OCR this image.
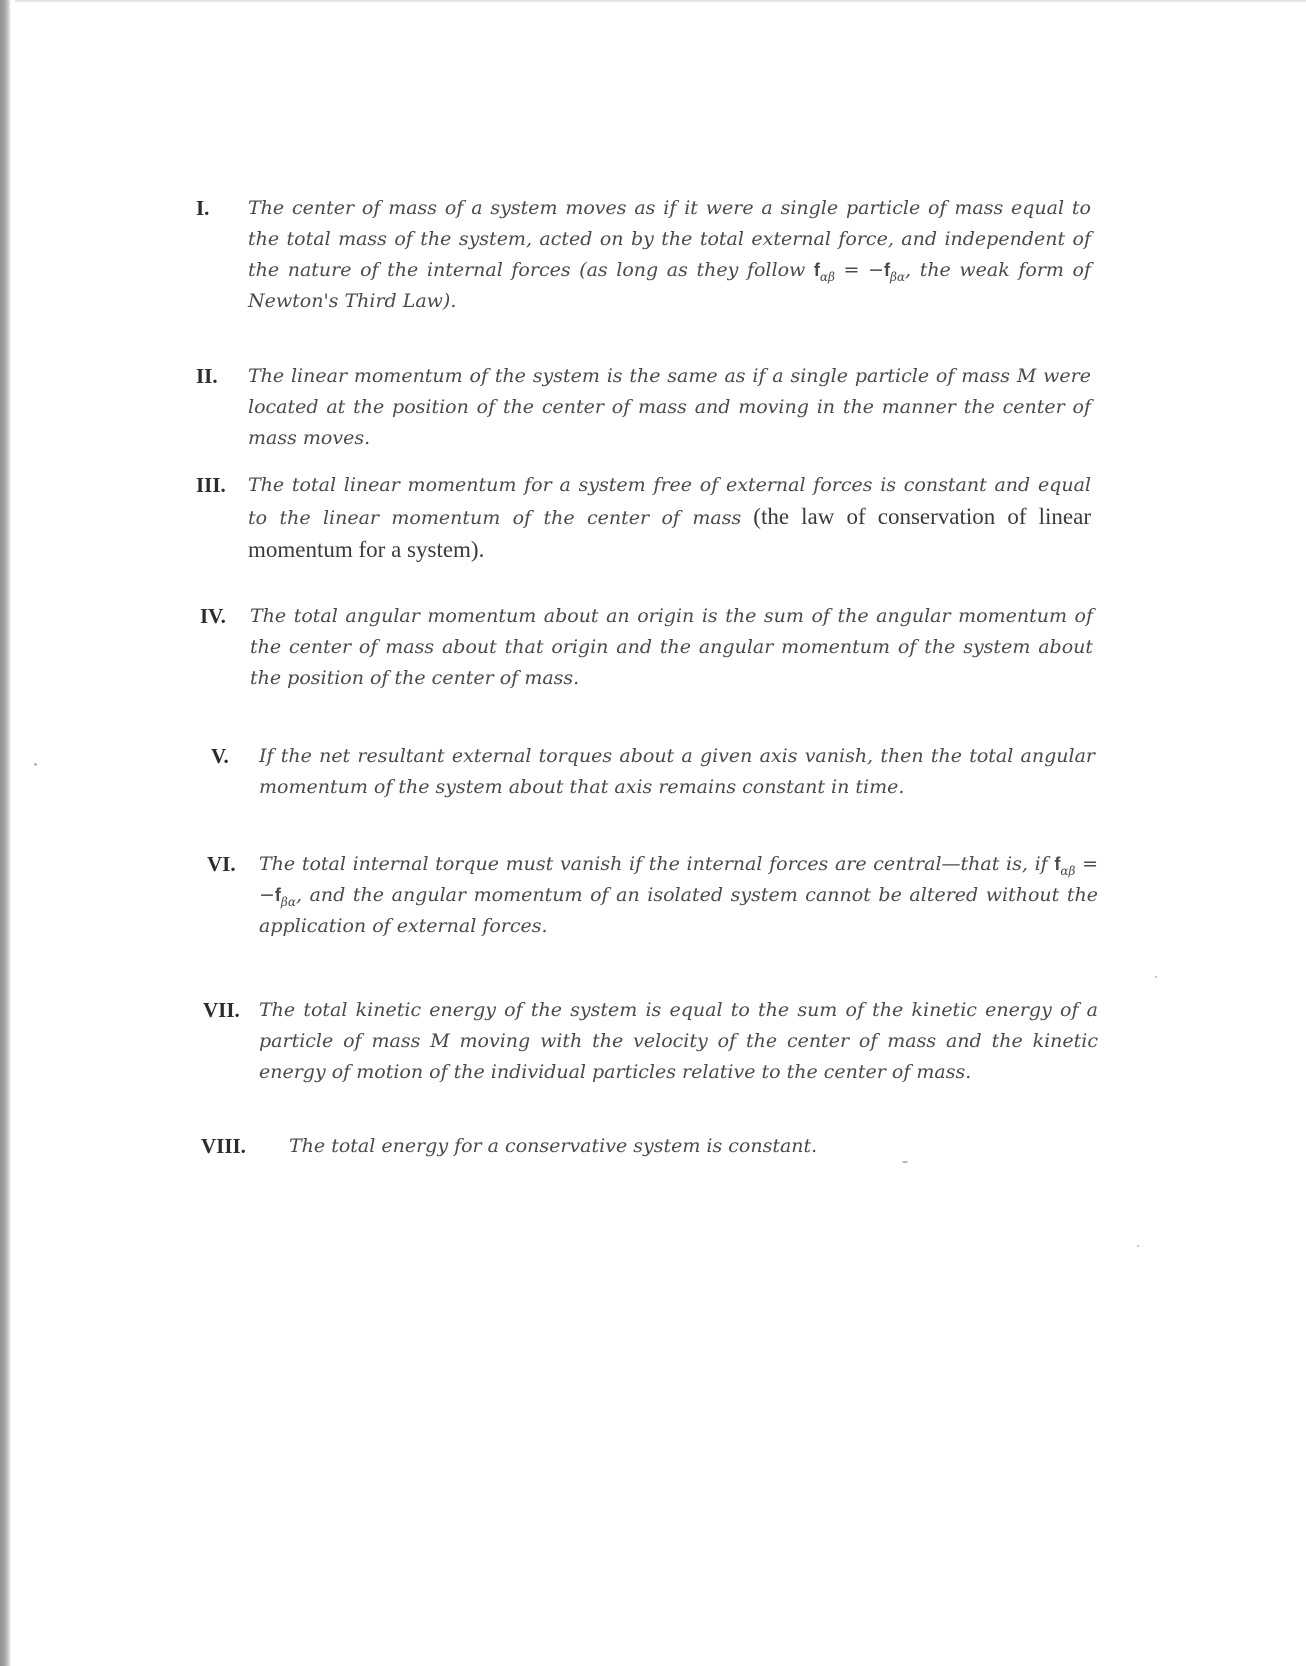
I.	The center of mass of a system moves as if it were a single particle of mass equal to the total mass of the system, acted on by the total external force, and independent of the nature of the internal forces (as long as they follow $f_{\alpha\beta} = -f_{\beta\alpha}$, the weak form of Newton's Third Law).
II.	The linear momentum of the system is the same as if a single particle of mass M were located at the position of the center of mass and moving in the manner the center of mass moves.
III.	The total linear momentum for a system free of external forces is constant and equal to the linear momentum of the center of mass (the law of conservation of linear momentum for a system).
IV.	The total angular momentum about an origin is the sum of the angular momentum of the center of mass about that origin and the angular momentum of the system about the position of the center of mass.
V.	If the net resultant external torques about a given axis vanish, then the total angular momentum of the system about that axis remains constant in time.
VI.	The total internal torque must vanish if the internal forces are central—that is, if $f_{\alpha\beta} = -f_{\beta\alpha}$, and the angular momentum of an isolated system cannot be altered without the application of external forces.
VII.	The total kinetic energy of the system is equal to the sum of the kinetic energy of a particle of mass M moving with the velocity of the center of mass and the kinetic energy of motion of the individual particles relative to the center of mass.
VIII.	The total energy for a conservative system is constant.
